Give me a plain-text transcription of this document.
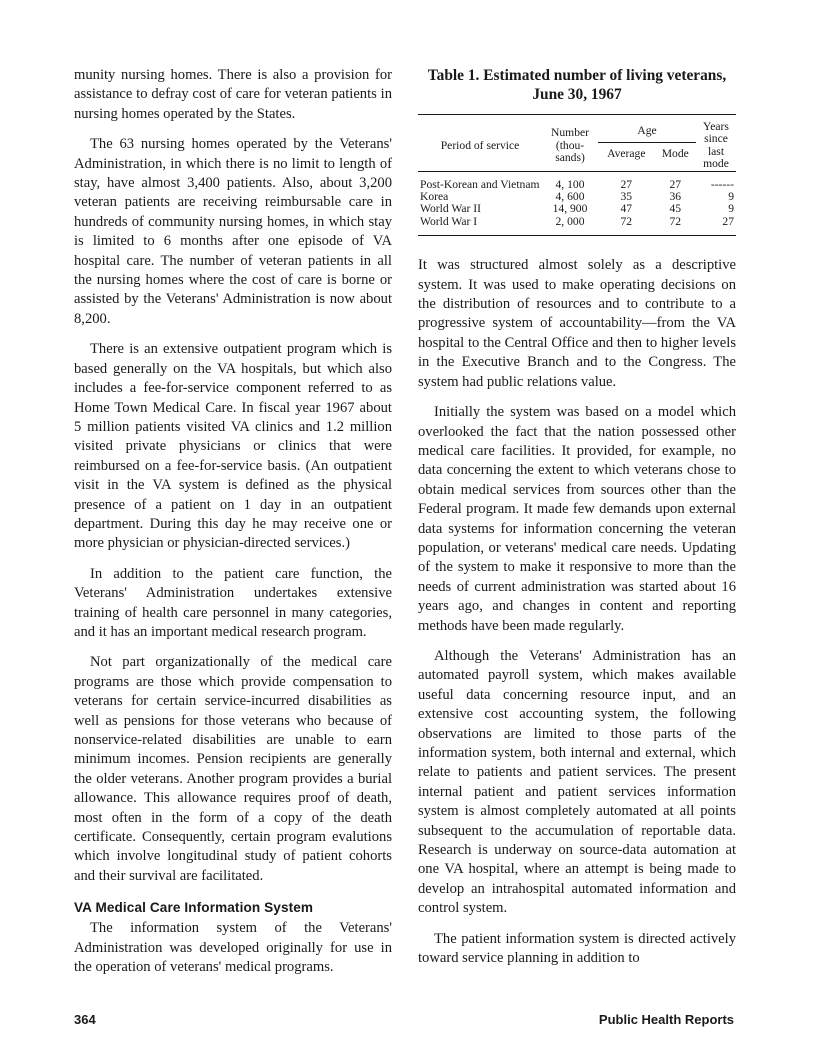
munity nursing homes. There is also a provision for assistance to defray cost of care for veteran patients in nursing homes operated by the States.

The 63 nursing homes operated by the Veterans' Administration, in which there is no limit to length of stay, have almost 3,400 patients. Also, about 3,200 veteran patients are receiving reimbursable care in hundreds of community nursing homes, in which stay is limited to 6 months after one episode of VA hospital care. The number of veteran patients in all the nursing homes where the cost of care is borne or assisted by the Veterans' Administration is now about 8,200.

There is an extensive outpatient program which is based generally on the VA hospitals, but which also includes a fee-for-service component referred to as Home Town Medical Care. In fiscal year 1967 about 5 million patients visited VA clinics and 1.2 million visited private physicians or clinics that were reimbursed on a fee-for-service basis. (An outpatient visit in the VA system is defined as the physical presence of a patient on 1 day in an outpatient department. During this day he may receive one or more physician or physician-directed services.)

In addition to the patient care function, the Veterans' Administration undertakes extensive training of health care personnel in many categories, and it has an important medical research program.

Not part organizationally of the medical care programs are those which provide compensation to veterans for certain service-incurred disabilities as well as pensions for those veterans who because of nonservice-related disabilities are unable to earn minimum incomes. Pension recipients are generally the older veterans. Another program provides a burial allowance. This allowance requires proof of death, most often in the form of a copy of the death certificate. Consequently, certain program evalutions which involve longitudinal study of patient cohorts and their survival are facilitated.

VA Medical Care Information System

The information system of the Veterans' Administration was developed originally for use in the operation of veterans' medical programs.

Table 1. Estimated number of living veterans, June 30, 1967
Period of service	Number (thou- sands)	Age		Years since last mode
		Average	Mode	
Post-Korean and Vietnam	4, 100	27	27	------
Korea	4, 600	35	36	9
World War II	14, 900	47	45	9
World War I	2, 000	72	72	27

It was structured almost solely as a descriptive system. It was used to make operating decisions on the distribution of resources and to contribute to a progressive system of accountability—from the VA hospital to the Central Office and then to higher levels in the Executive Branch and to the Congress. The system had public relations value.

Initially the system was based on a model which overlooked the fact that the nation possessed other medical care facilities. It provided, for example, no data concerning the extent to which veterans chose to obtain medical services from sources other than the Federal program. It made few demands upon external data systems for information concerning the veteran population, or veterans' medical care needs. Updating of the system to make it responsive to more than the needs of current administration was started about 16 years ago, and changes in content and reporting methods have been made regularly.

Although the Veterans' Administration has an automated payroll system, which makes available useful data concerning resource input, and an extensive cost accounting system, the following observations are limited to those parts of the information system, both internal and external, which relate to patients and patient services. The present internal patient and patient services information system is almost completely automated at all points subsequent to the accumulation of reportable data. Research is underway on source-data automation at one VA hospital, where an attempt is being made to develop an intrahospital automated information and control system.

The patient information system is directed actively toward service planning in addition to

364	Public Health Reports
